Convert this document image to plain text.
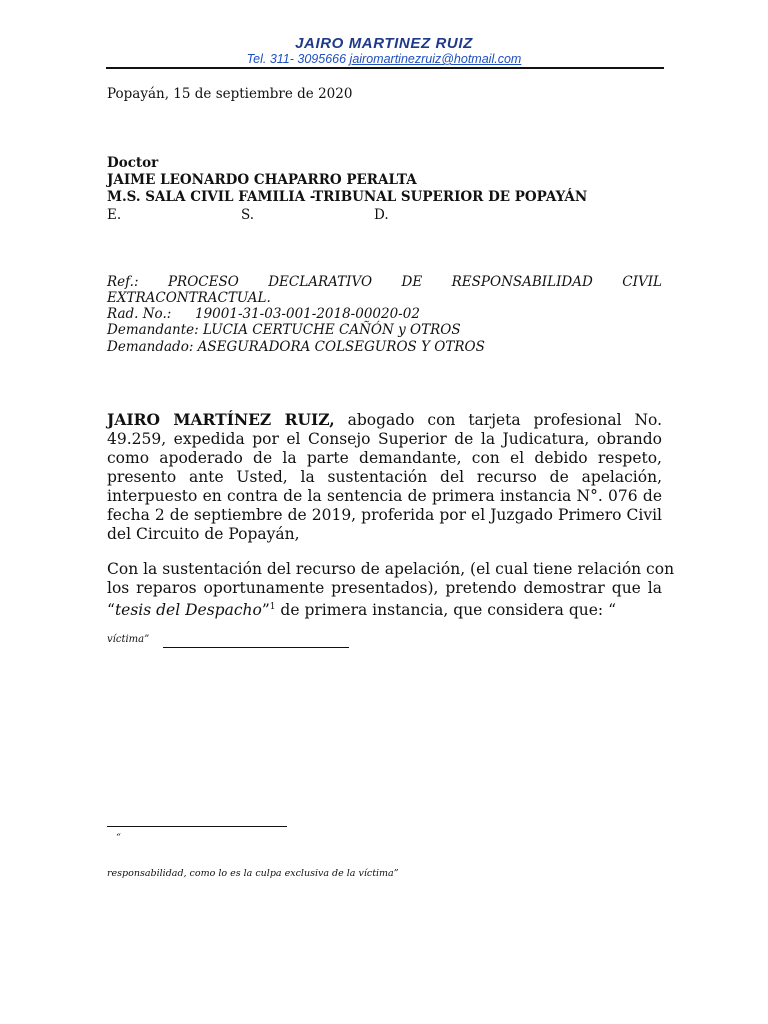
JAIRO MARTINEZ RUIZ
Tel. 311- 3095666 jairomartinezruiz@hotmail.com
Popayán, 15 de septiembre de 2020
Doctor
JAIME LEONARDO CHAPARRO PERALTA
M.S. SALA CIVIL FAMILIA -TRIBUNAL SUPERIOR DE POPAYÁN
E.	S.	D.
Ref.: PROCESO DECLARATIVO DE RESPONSABILIDAD CIVIL
EXTRACONTRACTUAL.
Rad. No.: 19001-31-03-001-2018-00020-02
Demandante: LUCIA CERTUCHE CAÑÓN y OTROS
Demandado: ASEGURADORA COLSEGUROS Y OTROS
JAIRO MARTÍNEZ RUIZ, abogado con tarjeta profesional No.
49.259, expedida por el Consejo Superior de la Judicatura, obrando
como apoderado de la parte demandante, con el debido respeto,
presento ante Usted, la sustentación del recurso de apelación,
interpuesto en contra de la sentencia de primera instancia N°. 076 de
fecha 2 de septiembre de 2019, proferida por el Juzgado Primero Civil
del Circuito de Popayán,
Con la sustentación del recurso de apelación, (el cual tiene relación con
los reparos oportunamente presentados), pretendo demostrar que la
“tesis del Despacho”$^1$ de primera instancia, que considera que: “
víctima”
“
responsabilidad, como lo es la culpa exclusiva de la víctima”
